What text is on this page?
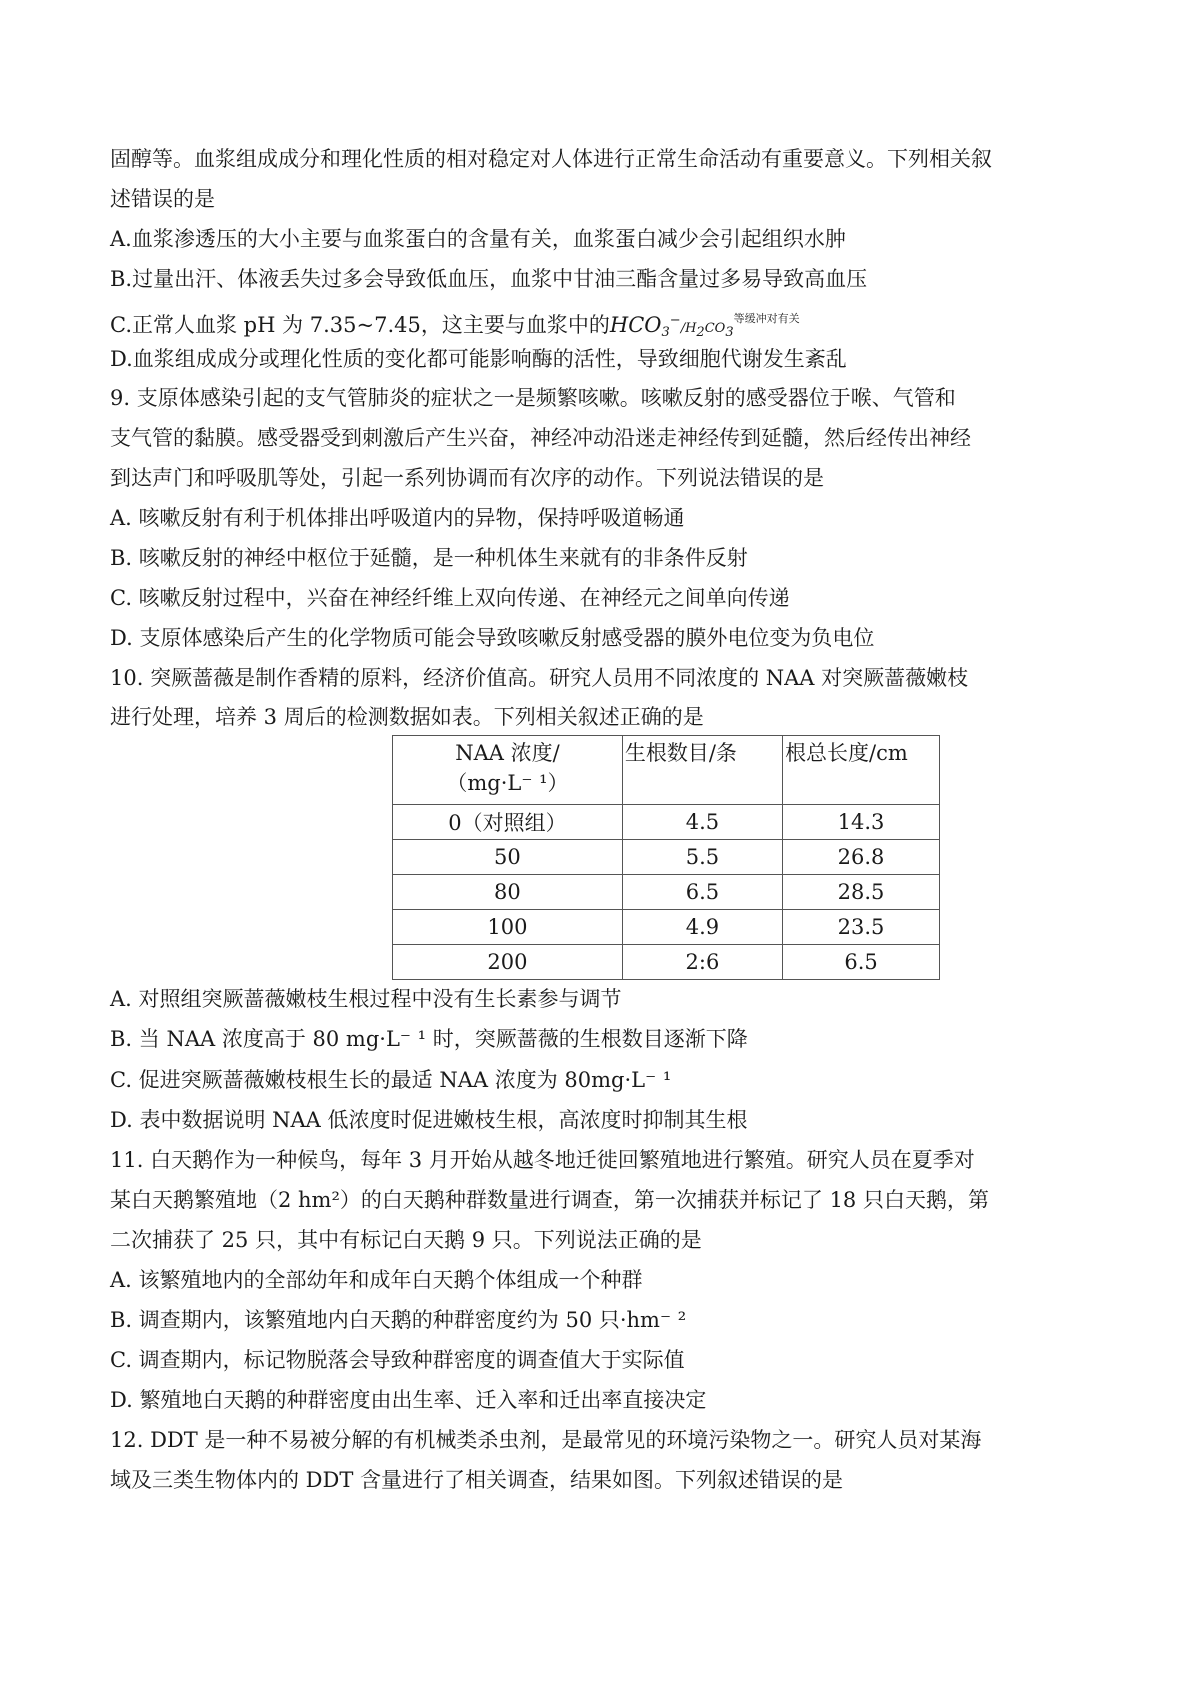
固醇等。血浆组成成分和理化性质的相对稳定对人体进行正常生命活动有重要意义。下列相关叙
述错误的是
A.血浆渗透压的大小主要与血浆蛋白的含量有关，血浆蛋白减少会引起组织水肿
B.过量出汗、体液丢失过多会导致低血压，血浆中甘油三酯含量过多易导致高血压
C.正常人血浆 pH 为 7.35~7.45，这主要与血浆中的$HCO_3^-/H_2CO_3^{等缓冲对有关}$
D.血浆组成成分或理化性质的变化都可能影响酶的活性，导致细胞代谢发生紊乱
9. 支原体感染引起的支气管肺炎的症状之一是频繁咳嗽。咳嗽反射的感受器位于喉、气管和
支气管的黏膜。感受器受到刺激后产生兴奋，神经冲动沿迷走神经传到延髓，然后经传出神经
到达声门和呼吸肌等处，引起一系列协调而有次序的动作。下列说法错误的是
A. 咳嗽反射有利于机体排出呼吸道内的异物，保持呼吸道畅通
B. 咳嗽反射的神经中枢位于延髓，是一种机体生来就有的非条件反射
C. 咳嗽反射过程中，兴奋在神经纤维上双向传递、在神经元之间单向传递
D. 支原体感染后产生的化学物质可能会导致咳嗽反射感受器的膜外电位变为负电位
10. 突厥蔷薇是制作香精的原料，经济价值高。研究人员用不同浓度的 NAA 对突厥蔷薇嫩枝
进行处理，培养 3 周后的检测数据如表。下列相关叙述正确的是
NAA 浓度/
（mg·L⁻ ¹）	生根数目/条	根总长度/cm
0（对照组）	4.5	14.3
50	5.5	26.8
80	6.5	28.5
100	4.9	23.5
200	2:6	6.5
A. 对照组突厥蔷薇嫩枝生根过程中没有生长素参与调节
B. 当 NAA 浓度高于 80 mg·L⁻ ¹ 时，突厥蔷薇的生根数目逐渐下降
C. 促进突厥蔷薇嫩枝根生长的最适 NAA 浓度为 80mg·L⁻ ¹
D. 表中数据说明 NAA 低浓度时促进嫩枝生根，高浓度时抑制其生根
11. 白天鹅作为一种候鸟，每年 3 月开始从越冬地迁徙回繁殖地进行繁殖。研究人员在夏季对
某白天鹅繁殖地（2 hm²）的白天鹅种群数量进行调查，第一次捕获并标记了 18 只白天鹅，第
二次捕获了 25 只，其中有标记白天鹅 9 只。下列说法正确的是
A. 该繁殖地内的全部幼年和成年白天鹅个体组成一个种群
B. 调查期内，该繁殖地内白天鹅的种群密度约为 50 只·hm⁻ ²
C. 调查期内，标记物脱落会导致种群密度的调查值大于实际值
D. 繁殖地白天鹅的种群密度由出生率、迁入率和迁出率直接决定
12. DDT 是一种不易被分解的有机械类杀虫剂，是最常见的环境污染物之一。研究人员对某海
域及三类生物体内的 DDT 含量进行了相关调查，结果如图。下列叙述错误的是
